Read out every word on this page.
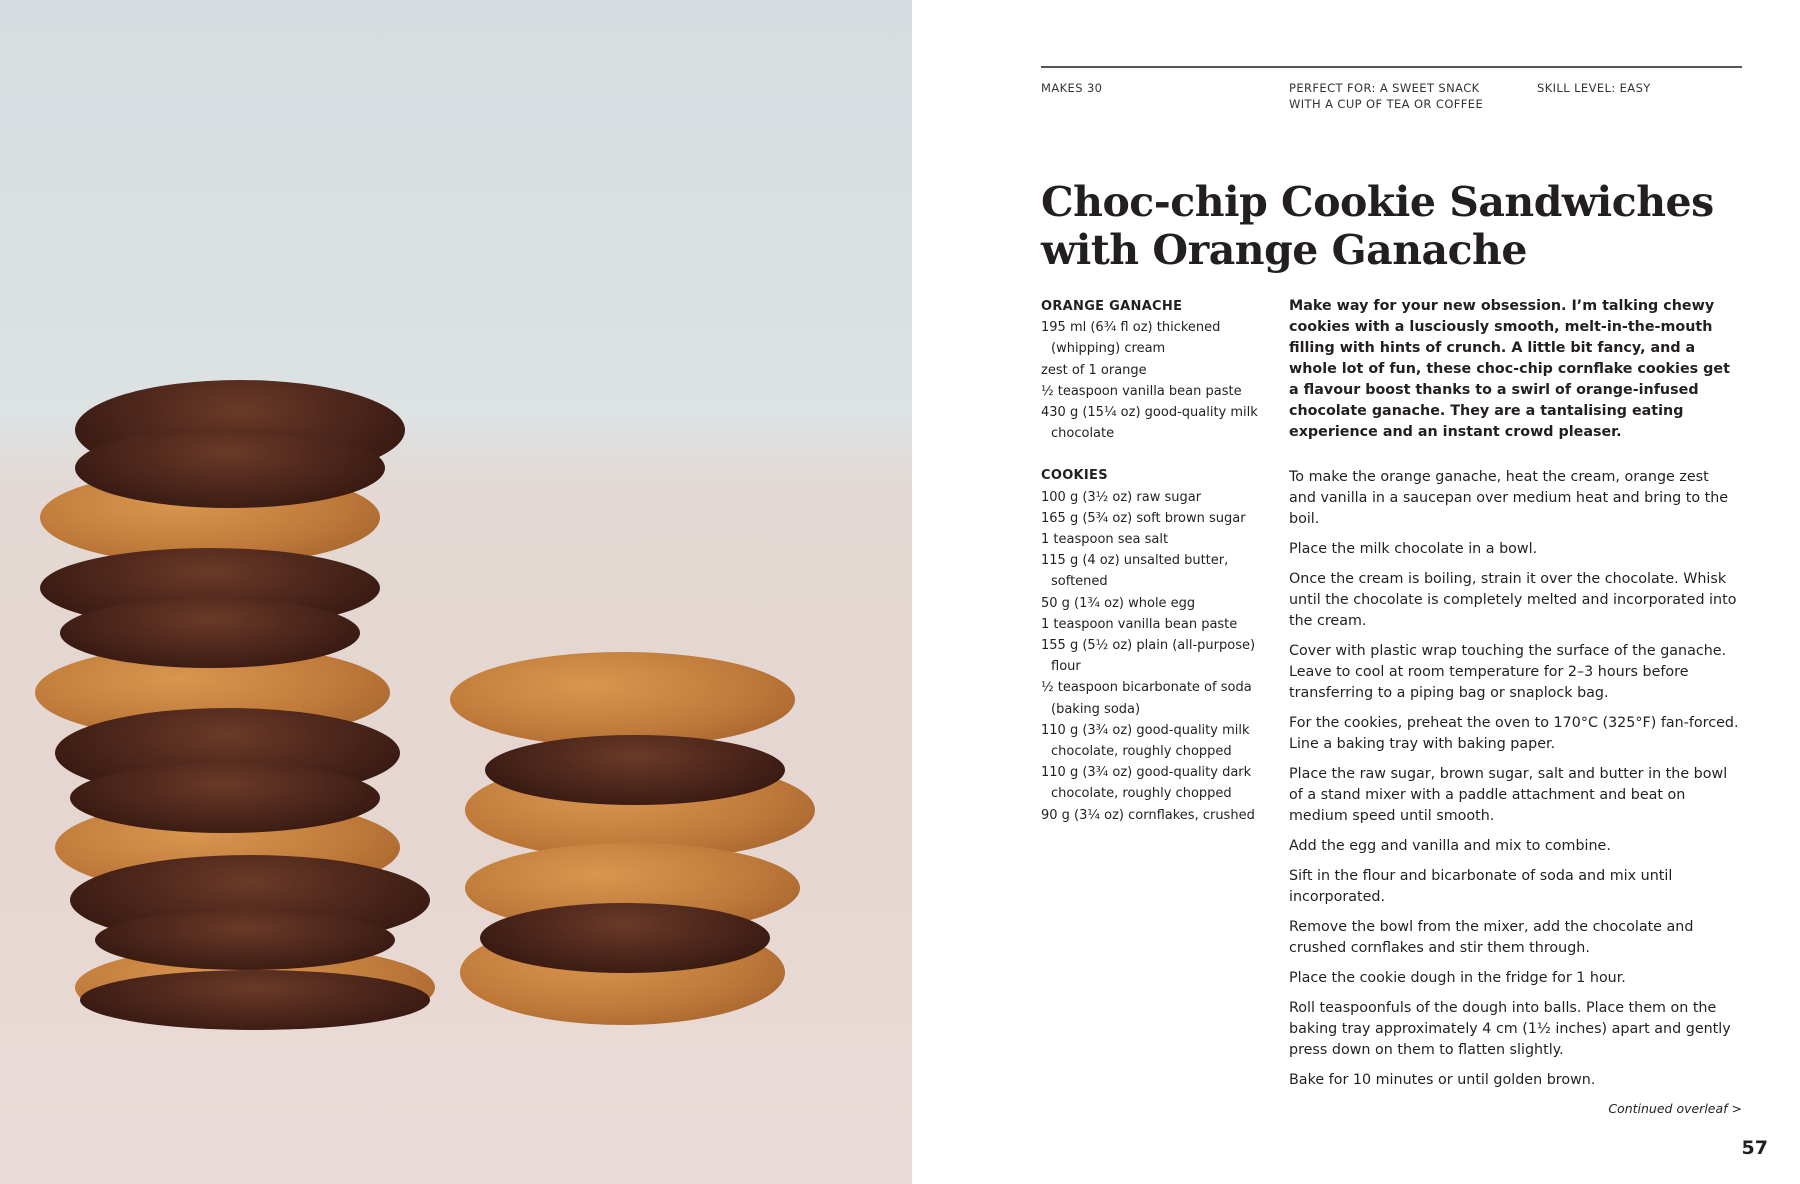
MAKES 30	PERFECT FOR: A SWEET SNACK
WITH A CUP OF TEA OR COFFEE
SKILL LEVEL: EASY
Choc-chip Cookie Sandwiches
with Orange Ganache
ORANGE GANACHE
195 ml (6¾ fl oz) thickened (whipping) cream
zest of 1 orange
½ teaspoon vanilla bean paste
430 g (15¼ oz) good-quality milk chocolate
COOKIES
100 g (3½ oz) raw sugar
165 g (5¾ oz) soft brown sugar
1 teaspoon sea salt
115 g (4 oz) unsalted butter, softened
50 g (1¾ oz) whole egg
1 teaspoon vanilla bean paste
155 g (5½ oz) plain (all-purpose) flour
½ teaspoon bicarbonate of soda (baking soda)
110 g (3¾ oz) good-quality milk chocolate, roughly chopped
110 g (3¾ oz) good-quality dark chocolate, roughly chopped
90 g (3¼ oz) cornflakes, crushed

Make way for your new obsession. I’m talking chewy cookies with a lusciously smooth, melt-in-the-mouth filling with hints of crunch. A little bit fancy, and a whole lot of fun, these choc-chip cornflake cookies get a flavour boost thanks to a swirl of orange-infused chocolate ganache. They are a tantalising eating experience and an instant crowd pleaser.

To make the orange ganache, heat the cream, orange zest and vanilla in a saucepan over medium heat and bring to the boil.
Place the milk chocolate in a bowl.
Once the cream is boiling, strain it over the chocolate. Whisk until the chocolate is completely melted and incorporated into the cream.
Cover with plastic wrap touching the surface of the ganache. Leave to cool at room temperature for 2–3 hours before transferring to a piping bag or snaplock bag.
For the cookies, preheat the oven to 170°C (325°F) fan-forced. Line a baking tray with baking paper.
Place the raw sugar, brown sugar, salt and butter in the bowl of a stand mixer with a paddle attachment and beat on medium speed until smooth.
Add the egg and vanilla and mix to combine.
Sift in the flour and bicarbonate of soda and mix until incorporated.
Remove the bowl from the mixer, add the chocolate and crushed cornflakes and stir them through.
Place the cookie dough in the fridge for 1 hour.
Roll teaspoonfuls of the dough into balls. Place them on the baking tray approximately 4 cm (1½ inches) apart and gently press down on them to flatten slightly.
Bake for 10 minutes or until golden brown.
Continued overleaf >
57
